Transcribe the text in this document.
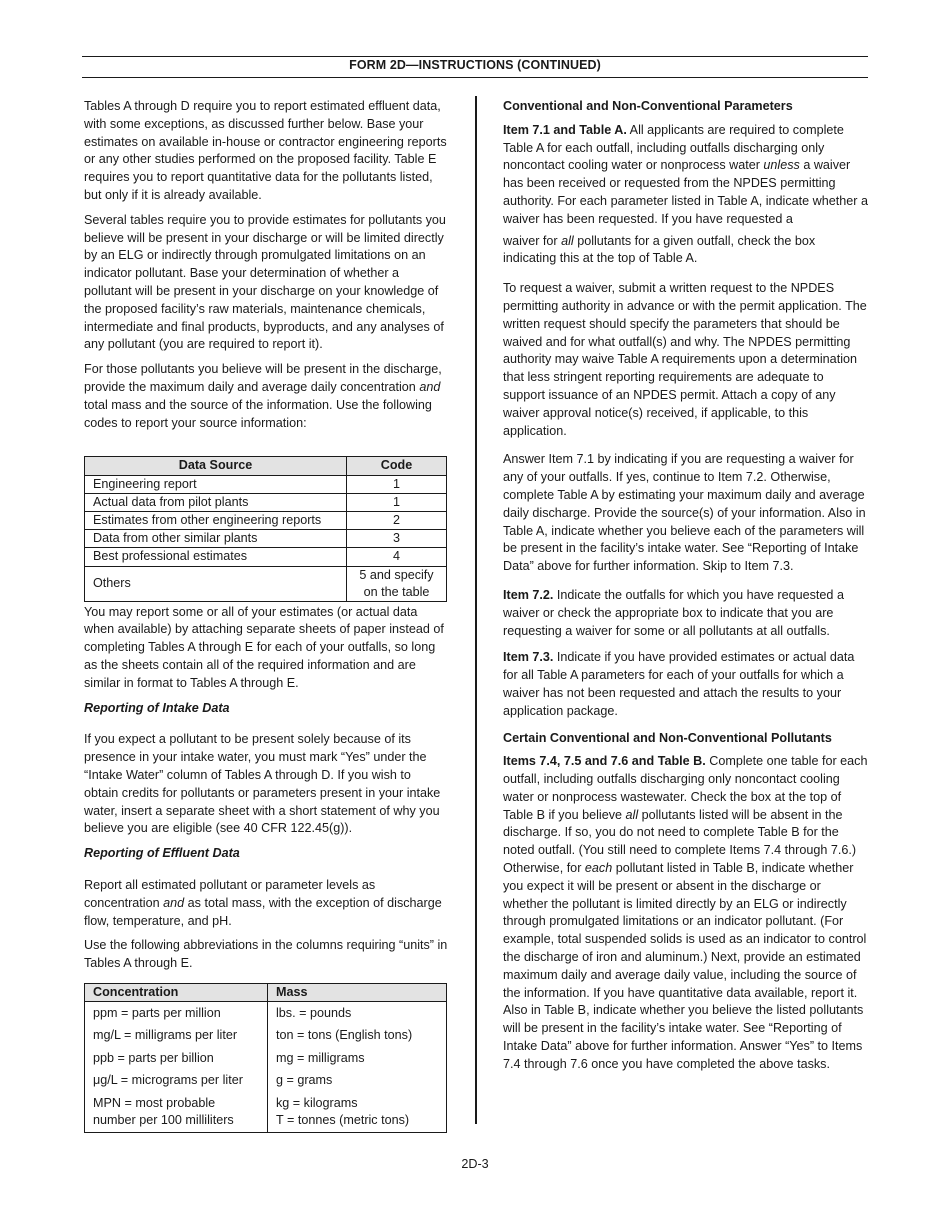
FORM 2D—INSTRUCTIONS (CONTINUED)

Tables A through D require you to report estimated effluent data, with some exceptions, as discussed further below. Base your estimates on available in-house or contractor engineering reports or any other studies performed on the proposed facility. Table E requires you to report quantitative data for the pollutants listed, but only if it is already available.

Several tables require you to provide estimates for pollutants you believe will be present in your discharge or will be limited directly by an ELG or indirectly through promulgated limitations on an indicator pollutant. Base your determination of whether a pollutant will be present in your discharge on your knowledge of the proposed facility’s raw materials, maintenance chemicals, intermediate and final products, byproducts, and any analyses of any pollutant (you are required to report it).

For those pollutants you believe will be present in the discharge, provide the maximum daily and average daily concentration and total mass and the source of the information. Use the following codes to report your source information:

Data Source	Code
Engineering report	1
Actual data from pilot plants	1
Estimates from other engineering reports	2
Data from other similar plants	3
Best professional estimates	4
Others	5 and specify
on the table

You may report some or all of your estimates (or actual data when available) by attaching separate sheets of paper instead of completing Tables A through E for each of your outfalls, so long as the sheets contain all of the required information and are similar in format to Tables A through E.

Reporting of Intake Data

If you expect a pollutant to be present solely because of its presence in your intake water, you must mark “Yes” under the “Intake Water” column of Tables A through D. If you wish to obtain credits for pollutants or parameters present in your intake water, insert a separate sheet with a short statement of why you believe you are eligible (see 40 CFR 122.45(g)).

Reporting of Effluent Data

Report all estimated pollutant or parameter levels as concentration and as total mass, with the exception of discharge flow, temperature, and pH.

Use the following abbreviations in the columns requiring “units” in Tables A through E.

Concentration	Mass
ppm = parts per million	lbs. = pounds
mg/L = milligrams per liter	ton = tons (English tons)
ppb = parts per billion	mg = milligrams
μg/L = micrograms per liter	g = grams
MPN = most probable
number per 100 milliliters	kg = kilograms
T = tonnes (metric tons)

Conventional and Non-Conventional Parameters

Item 7.1 and Table A. All applicants are required to complete Table A for each outfall, including outfalls discharging only noncontact cooling water or nonprocess water unless a waiver has been received or requested from the NPDES permitting authority. For each parameter listed in Table A, indicate whether a waiver has been requested. If you have requested a

waiver for all pollutants for a given outfall, check the box indicating this at the top of Table A.

To request a waiver, submit a written request to the NPDES permitting authority in advance or with the permit application. The written request should specify the parameters that should be waived and for what outfall(s) and why. The NPDES permitting authority may waive Table A requirements upon a determination that less stringent reporting requirements are adequate to support issuance of an NPDES permit. Attach a copy of any waiver approval notice(s) received, if applicable, to this application.

Answer Item 7.1 by indicating if you are requesting a waiver for any of your outfalls. If yes, continue to Item 7.2. Otherwise, complete Table A by estimating your maximum daily and average daily discharge. Provide the source(s) of your information. Also in Table A, indicate whether you believe each of the parameters will be present in the facility’s intake water. See “Reporting of Intake Data” above for further information. Skip to Item 7.3.

Item 7.2. Indicate the outfalls for which you have requested a waiver or check the appropriate box to indicate that you are requesting a waiver for some or all pollutants at all outfalls.

Item 7.3. Indicate if you have provided estimates or actual data for all Table A parameters for each of your outfalls for which a waiver has not been requested and attach the results to your application package.

Certain Conventional and Non-Conventional Pollutants

Items 7.4, 7.5 and 7.6 and Table B. Complete one table for each outfall, including outfalls discharging only noncontact cooling water or nonprocess wastewater. Check the box at the top of Table B if you believe all pollutants listed will be absent in the discharge. If so, you do not need to complete Table B for the noted outfall. (You still need to complete Items 7.4 through 7.6.) Otherwise, for each pollutant listed in Table B, indicate whether you expect it will be present or absent in the discharge or whether the pollutant is limited directly by an ELG or indirectly through promulgated limitations or an indicator pollutant. (For example, total suspended solids is used as an indicator to control the discharge of iron and aluminum.) Next, provide an estimated maximum daily and average daily value, including the source of the information. If you have quantitative data available, report it. Also in Table B, indicate whether you believe the listed pollutants will be present in the facility’s intake water. See “Reporting of Intake Data” above for further information. Answer “Yes” to Items 7.4 through 7.6 once you have completed the above tasks.

2D-3
